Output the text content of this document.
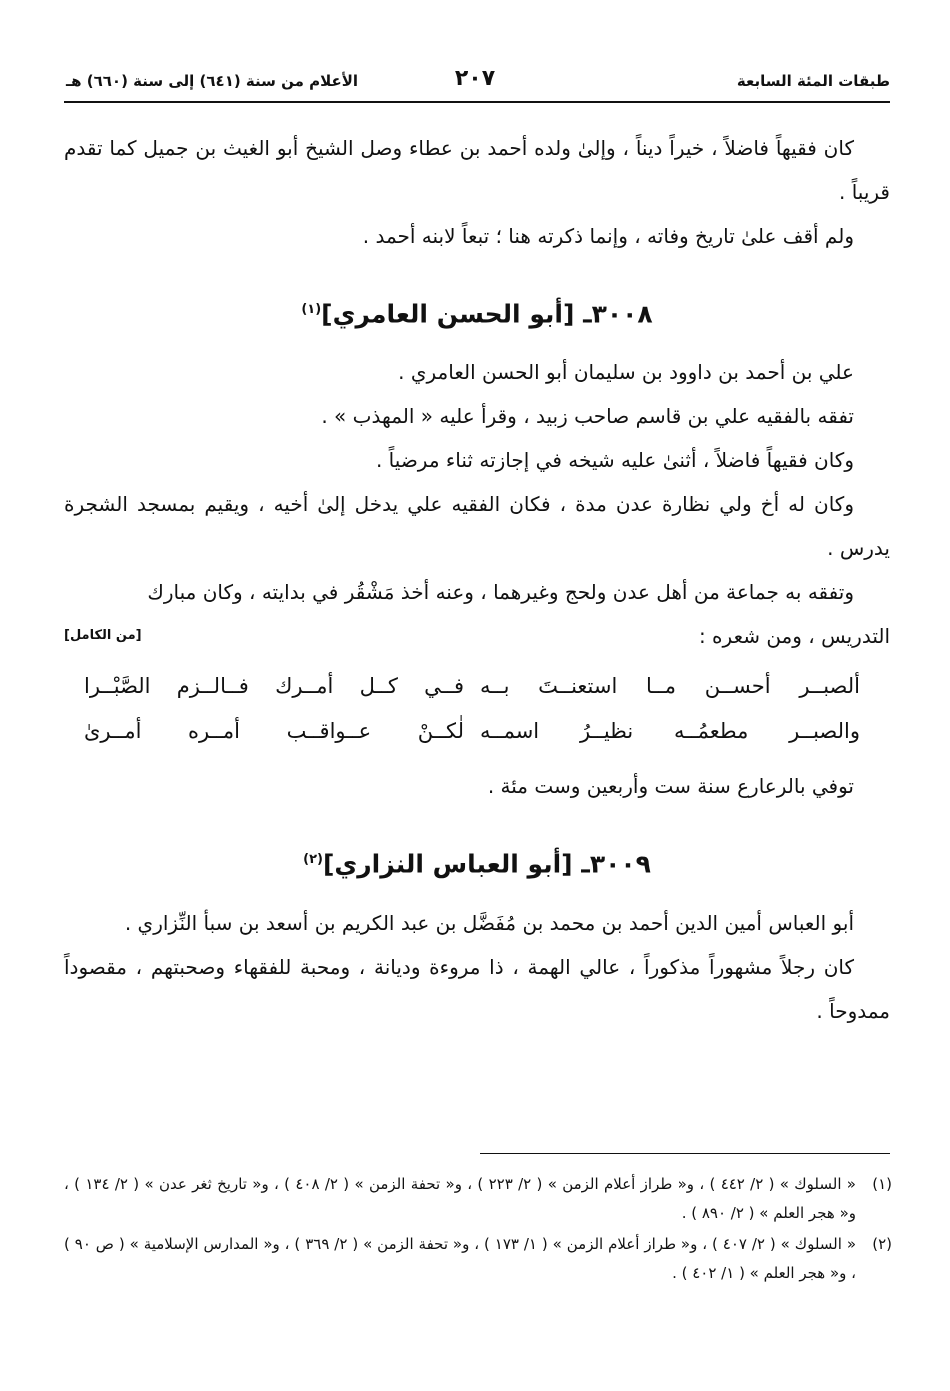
طبقات المئة السابعة
٢٠٧
الأعلام من سنة (٦٤١) إلى سنة (٦٦٠) هـ

كان فقيهاً فاضلاً ، خيراً ديناً ، وإلىٰ ولده أحمد بن عطاء وصل الشيخ أبو الغيث بن جميل كما تقدم قريباً .

ولم أقف علىٰ تاريخ وفاته ، وإنما ذكرته هنا ؛ تبعاً لابنه أحمد .

٣٠٠٨ـ [أبو الحسن العامري]$^{(١)}$

علي بن أحمد بن داوود بن سليمان أبو الحسن العامري .

تفقه بالفقيه علي بن قاسم صاحب زبيد ، وقرأ عليه « المهذب » .

وكان فقيهاً فاضلاً ، أثنىٰ عليه شيخه في إجازته ثناء مرضياً .

وكان له أخ ولي نظارة عدن مدة ، فكان الفقيه علي يدخل إلىٰ أخيه ، ويقيم بمسجد الشجرة يدرس .

وتفقه به جماعة من أهل عدن ولحج وغيرهما ، وعنه أخذ مَشْقُر في بدايته ، وكان مبارك

التدريس ، ومن شعره :
[من الكامل]
ألصبــر أحســن مــا استعنــتَ بــه
فــي كــل أمــرك فــالــزم الصَّبْــرا
والصبــر مطعمُــه نظيــرُ اسمــه
لٰكــنْ عــواقــب أمــره أمــرىٰ

توفي بالرعارع سنة ست وأربعين وست مئة .

٣٠٠٩ـ [أبو العباس النزاري]$^{(٢)}$

أبو العباس أمين الدين أحمد بن محمد بن مُفَضَّل بن عبد الكريم بن أسعد بن سبأ النِّزاري .

كان رجلاً مشهوراً مذكوراً ، عالي الهمة ، ذا مروءة وديانة ، ومحبة للفقهاء وصحبتهم ، مقصوداً ممدوحاً .

(١)
« السلوك » ( ٢/ ٤٤٢ ) ، و« طراز أعلام الزمن » ( ٢/ ٢٢٣ ) ، و« تحفة الزمن » ( ٢/ ٤٠٨ ) ، و« تاريخ ثغر عدن » ( ٢/ ١٣٤ ) ، و« هجر العلم » ( ٢/ ٨٩٠ ) .
(٢)
« السلوك » ( ٢/ ٤٠٧ ) ، و« طراز أعلام الزمن » ( ١/ ١٧٣ ) ، و« تحفة الزمن » ( ٢/ ٣٦٩ ) ، و« المدارس الإسلامية » ( ص ٩٠ ) ، و« هجر العلم » ( ١/ ٤٠٢ ) .
